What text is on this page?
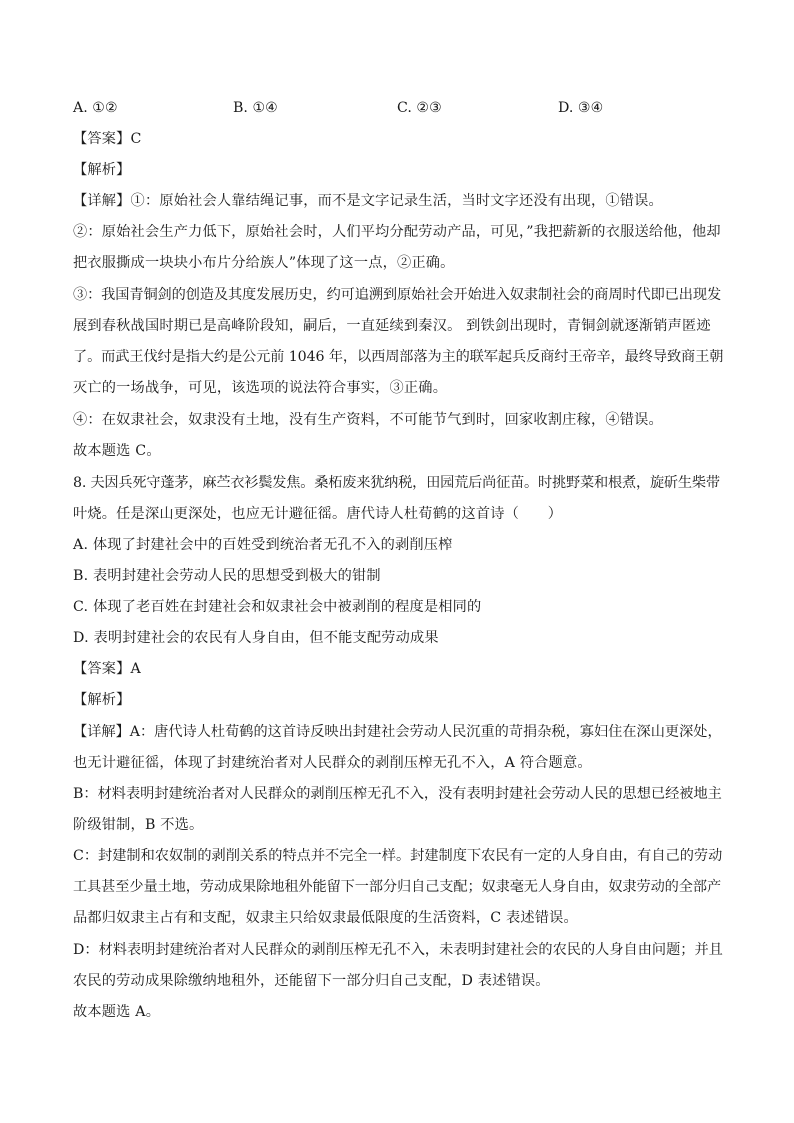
A. ①②	B. ①④	C. ②③	D. ③④
【答案】C
【解析】
【详解】①：原始社会人靠结绳记事，而不是文字记录生活，当时文字还没有出现，①错误。
②：原始社会生产力低下，原始社会时，人们平均分配劳动产品，可见，”我把薪新的衣服送给他，他却
把衣服撕成一块块小布片分给族人”体现了这一点，②正确。
③：我国青铜剑的创造及其度发展历史，约可追溯到原始社会开始进入奴隶制社会的商周时代即已出现发
展到春秋战国时期已是高峰阶段知，嗣后，一直延续到秦汉。 到铁剑出现时，青铜剑就逐渐销声匿迹
了。而武王伐纣是指大约是公元前 1046 年，以西周部落为主的联军起兵反商纣王帝辛，最终导致商王朝
灭亡的一场战争，可见，该选项的说法符合事实，③正确。
④：在奴隶社会，奴隶没有土地，没有生产资料，不可能节气到时，回家收割庄稼，④错误。
故本题选 C。
8. 夫因兵死守蓬茅，麻苎衣衫鬓发焦。桑柘废来犹纳税，田园荒后尚征苗。时挑野菜和根煮，旋斫生柴带
叶烧。任是深山更深处，也应无计避征徭。唐代诗人杜荀鹤的这首诗（　　）
A. 体现了封建社会中的百姓受到统治者无孔不入的剥削压榨
B. 表明封建社会劳动人民的思想受到极大的钳制
C. 体现了老百姓在封建社会和奴隶社会中被剥削的程度是相同的
D. 表明封建社会的农民有人身自由，但不能支配劳动成果
【答案】A
【解析】
【详解】A：唐代诗人杜荀鹤的这首诗反映出封建社会劳动人民沉重的苛捐杂税，寡妇住在深山更深处，
也无计避征徭，体现了封建统治者对人民群众的剥削压榨无孔不入，A 符合题意。
B：材料表明封建统治者对人民群众的剥削压榨无孔不入，没有表明封建社会劳动人民的思想已经被地主
阶级钳制，B 不选。
C：封建制和农奴制的剥削关系的特点并不完全一样。封建制度下农民有一定的人身自由，有自己的劳动
工具甚至少量土地，劳动成果除地租外能留下一部分归自己支配；奴隶毫无人身自由，奴隶劳动的全部产
品都归奴隶主占有和支配，奴隶主只给奴隶最低限度的生活资料，C 表述错误。
D：材料表明封建统治者对人民群众的剥削压榨无孔不入，未表明封建社会的农民的人身自由问题；并且
农民的劳动成果除缴纳地租外，还能留下一部分归自己支配，D 表述错误。
故本题选 A。
